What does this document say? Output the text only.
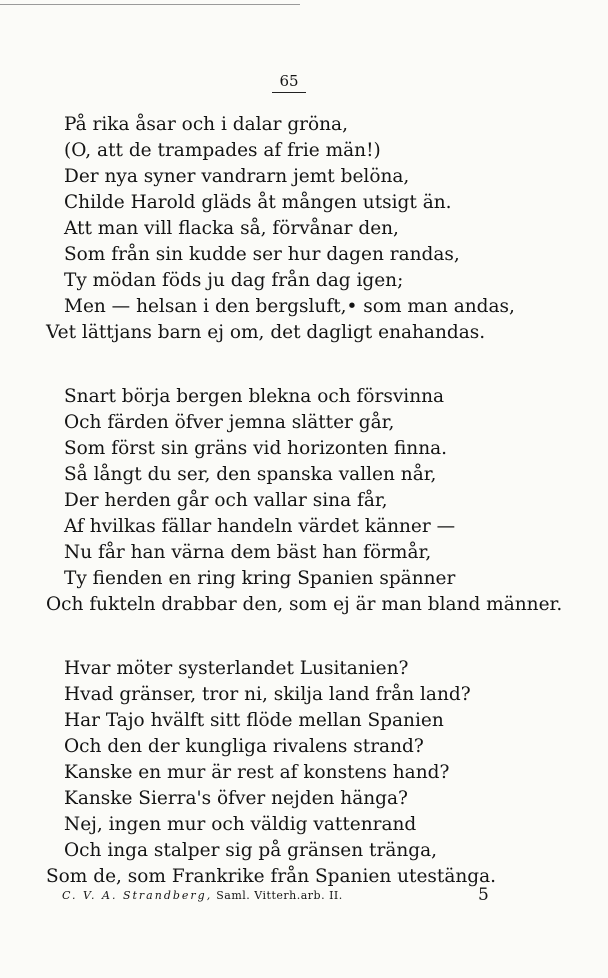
65
På rika åsar och i dalar gröna,
(O, att de trampades af frie män!)
Der nya syner vandrarn jemt belöna,
Childe Harold gläds åt mången utsigt än.
Att man vill flacka så, förvånar den,
Som från sin kudde ser hur dagen randas,
Ty mödan föds ju dag från dag igen;
Men — helsan i den bergsluft,• som man andas,
Vet lättjans barn ej om, det dagligt enahandas.
Snart börja bergen blekna och försvinna
Och färden öfver jemna slätter går,
Som först sin gräns vid horizonten finna.
Så långt du ser, den spanska vallen når,
Der herden går och vallar sina får,
Af hvilkas fällar handeln värdet känner —
Nu får han värna dem bäst han förmår,
Ty fienden en ring kring Spanien spänner
Och fukteln drabbar den, som ej är man bland männer.
Hvar möter systerlandet Lusitanien?
Hvad gränser, tror ni, skilja land från land?
Har Tajo hvälft sitt flöde mellan Spanien
Och den der kungliga rivalens strand?
Kanske en mur är rest af konstens hand?
Kanske Sierra's öfver nejden hänga?
Nej, ingen mur och väldig vattenrand
Och inga stalper sig på gränsen tränga,
Som de, som Frankrike från Spanien utestänga.
C. V. A. Strandberg, Saml. Vitterh.arb. II.	5
